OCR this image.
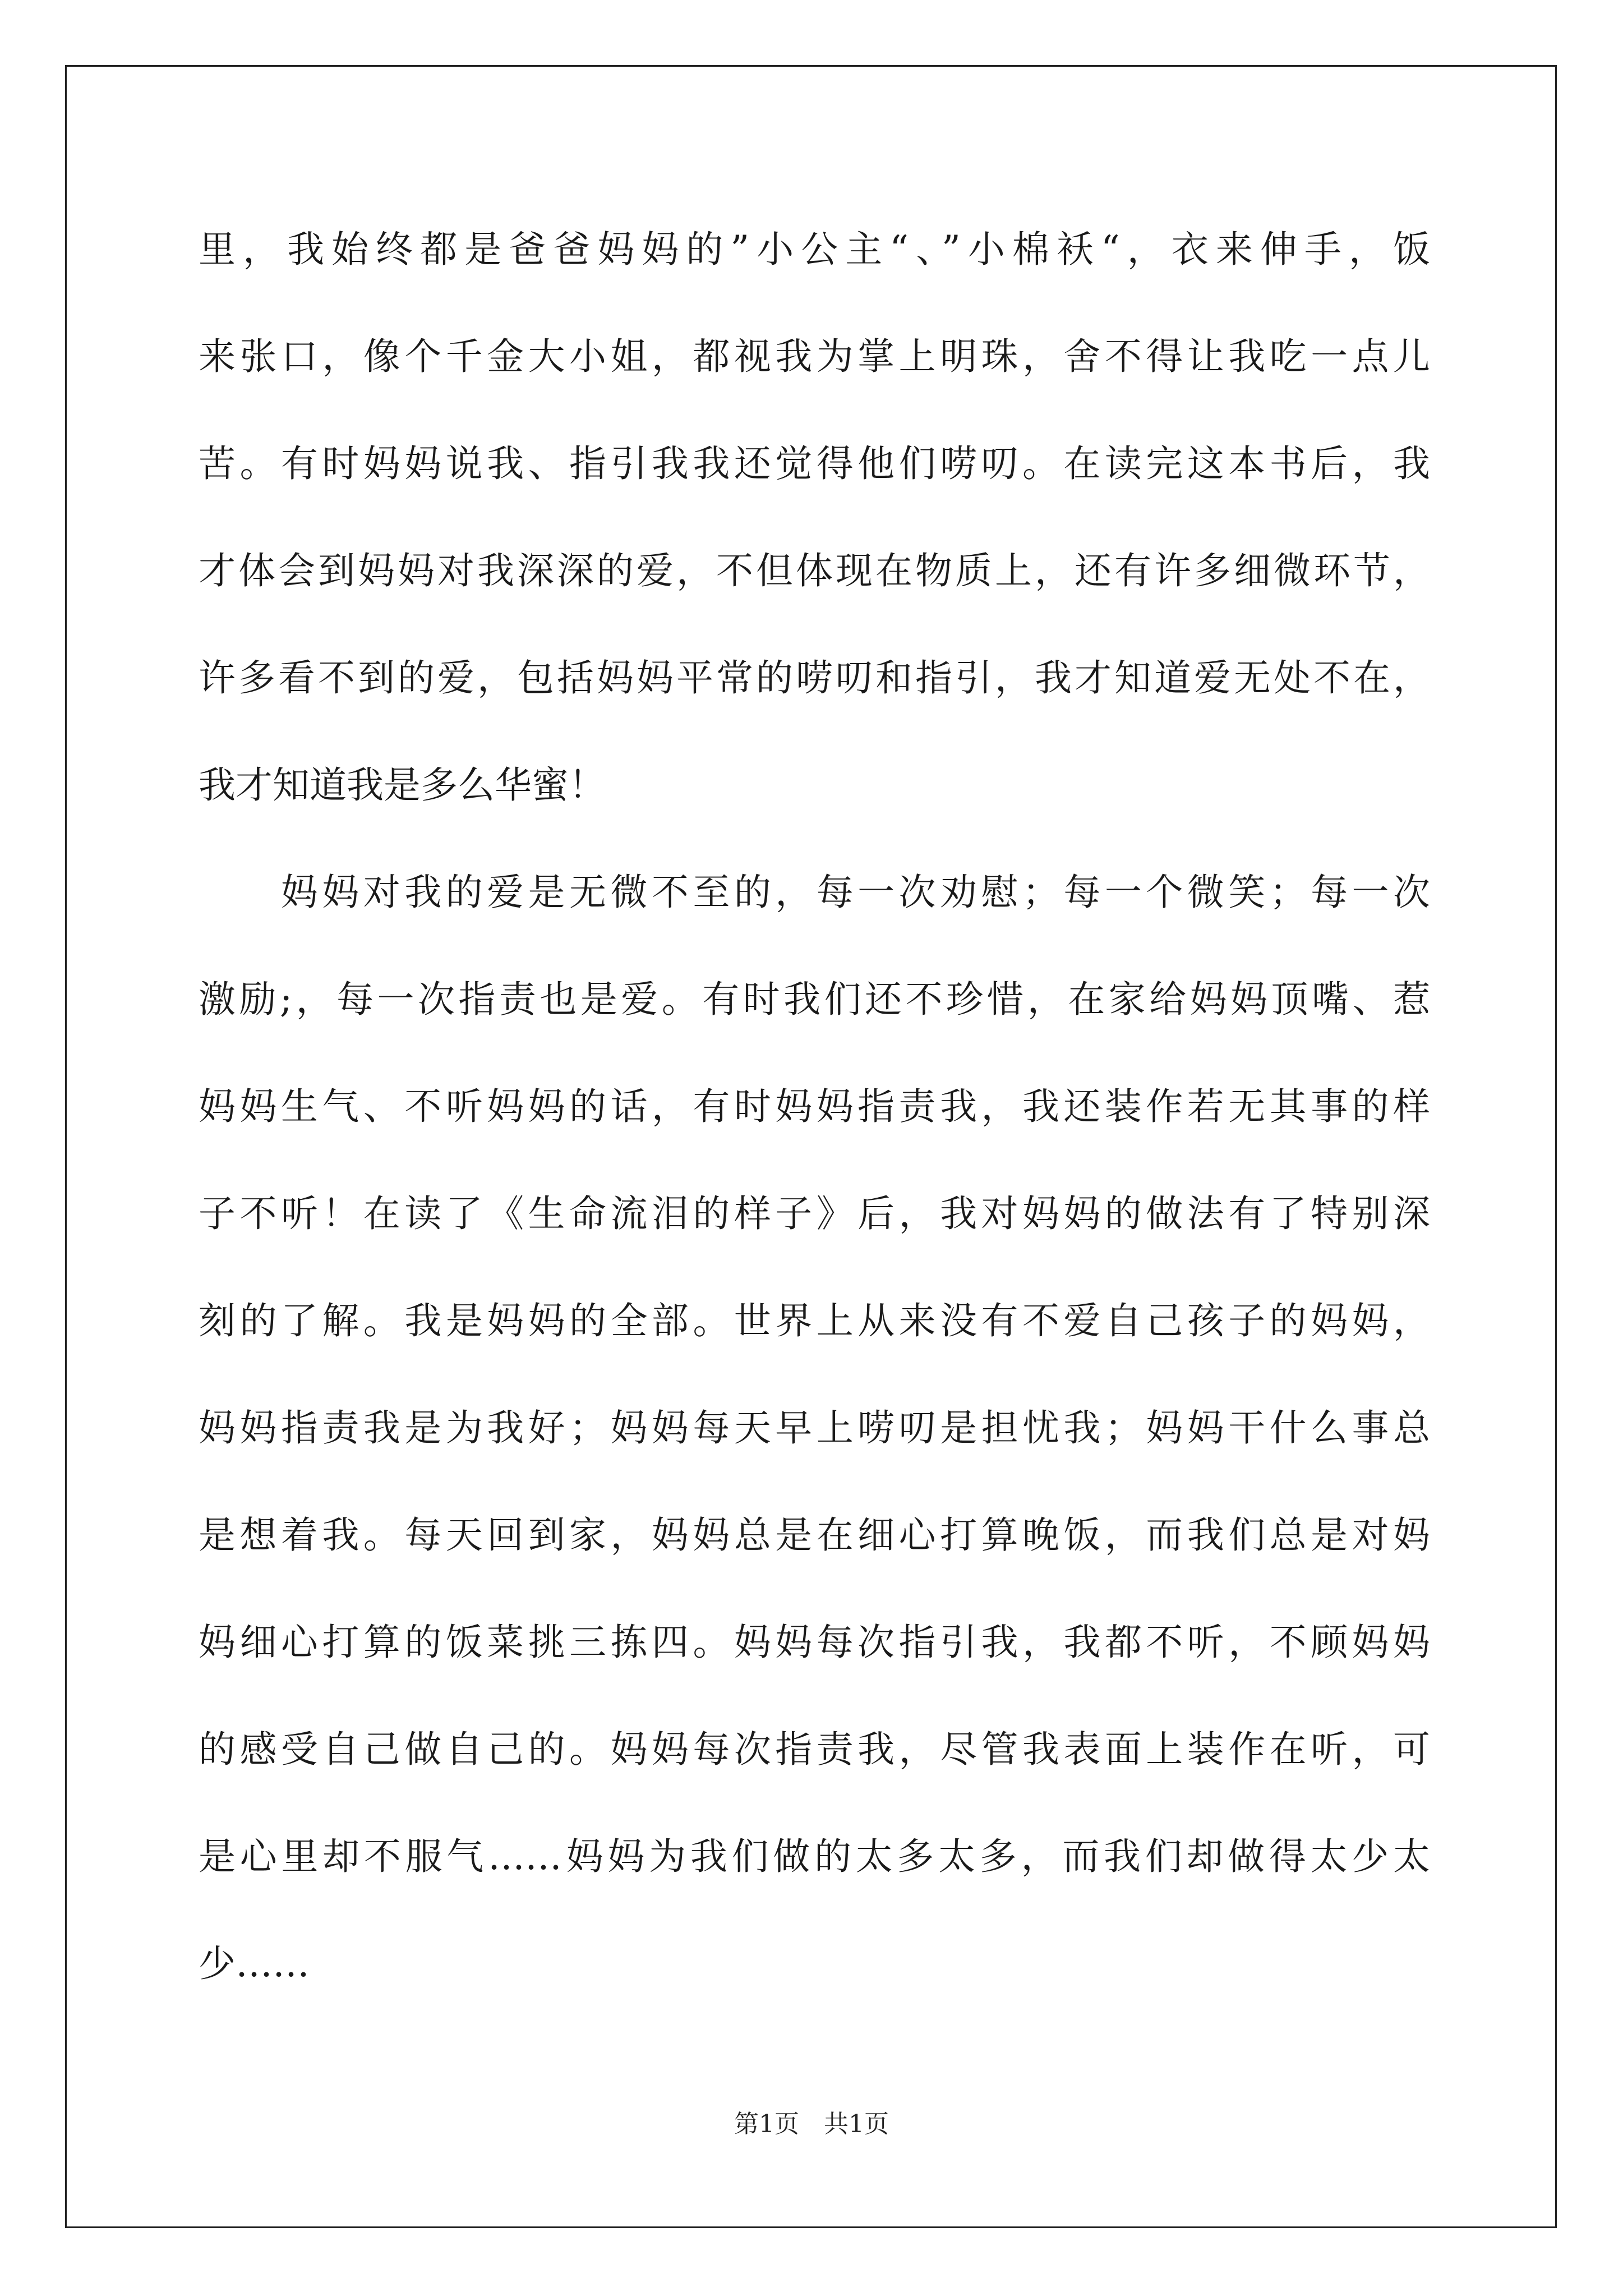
里，我始终都是爸爸妈妈的”小公主“、”小棉袄“，衣来伸手，饭
来张口，像个千金大小姐，都视我为掌上明珠，舍不得让我吃一点儿
苦。有时妈妈说我、指引我我还觉得他们唠叨。在读完这本书后，我
才体会到妈妈对我深深的爱，不但体现在物质上，还有许多细微环节，
许多看不到的爱，包括妈妈平常的唠叨和指引，我才知道爱无处不在，
我才知道我是多么华蜜！
　　妈妈对我的爱是无微不至的，每一次劝慰；每一个微笑；每一次
激励;，每一次指责也是爱。有时我们还不珍惜，在家给妈妈顶嘴、惹
妈妈生气、不听妈妈的话，有时妈妈指责我，我还装作若无其事的样
子不听！在读了《生命流泪的样子》后，我对妈妈的做法有了特别深
刻的了解。我是妈妈的全部。世界上从来没有不爱自己孩子的妈妈，
妈妈指责我是为我好；妈妈每天早上唠叨是担忧我；妈妈干什么事总
是想着我。每天回到家，妈妈总是在细心打算晚饭，而我们总是对妈
妈细心打算的饭菜挑三拣四。妈妈每次指引我，我都不听，不顾妈妈
的感受自己做自己的。妈妈每次指责我，尽管我表面上装作在听，可
是心里却不服气……妈妈为我们做的太多太多，而我们却做得太少太
少……
第1页　共1页
